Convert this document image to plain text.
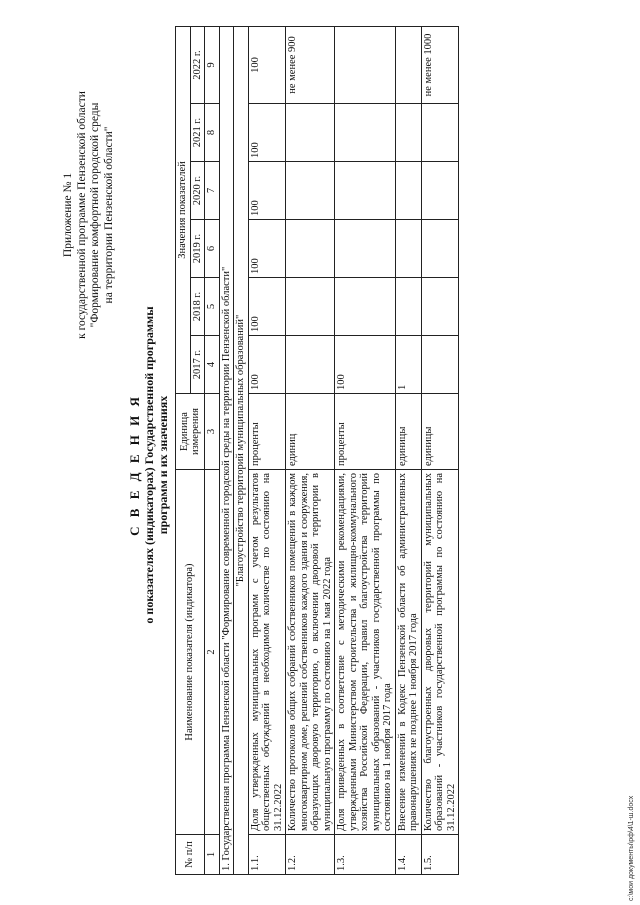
Приложение № 1 к государственной программе Пензенской области "Формирование комфортной городской среды на территории Пензенской области"
С В Е Д Е Н И Я о показателях (индикаторах) Государственной программы программ и их значениях
№ п/п	Наименование показателя (индикатора)	Единица измерения	Значения показателей					
			2017 г.	2018 г.	2019 г.	2020 г.	2021 г.	2022 г.
1	2	3	4	5	6	7	8	9
1. Государственная программа Пензенской области "Формирование современной городской среды на территории Пензенской области"								
"Благоустройство территорий муниципальных образований"								
1.1.	Доля утвержденных муниципальных программ с учетом результатов общественных обсуждений в необходимом количестве по состоянию на 31.12.2022	проценты	100	100	100	100	100	100
1.2.	Количество протоколов общих собраний собственников помещений в каждом многоквартирном доме, решений собственников каждого здания и сооружения, образующих дворовую территорию, о включении дворовой территории в муниципальную программу по состоянию на 1 мая 2022 года	единиц						не менее 900
1.3.	Доля приведенных в соответствие с методическими рекомендациями, утвержденными Министерством строительства и жилищно-коммунального хозяйства Российской Федерации, правил благоустройства территорий муниципальных образований - участников государственной программы по состоянию на 1 ноября 2017 года	проценты	100					
1.4.	Внесение изменений в Кодекс Пензенской области об административных правонарушениях не позднее 1 ноября 2017 года	единицы	1					
1.5.	Количество благоустроенных дворовых территорий муниципальных образований - участников государственной программы по состоянию на 31.12.2022	единицы						не менее 1000
c:\мои документы\рф\4\1-ш.docx
